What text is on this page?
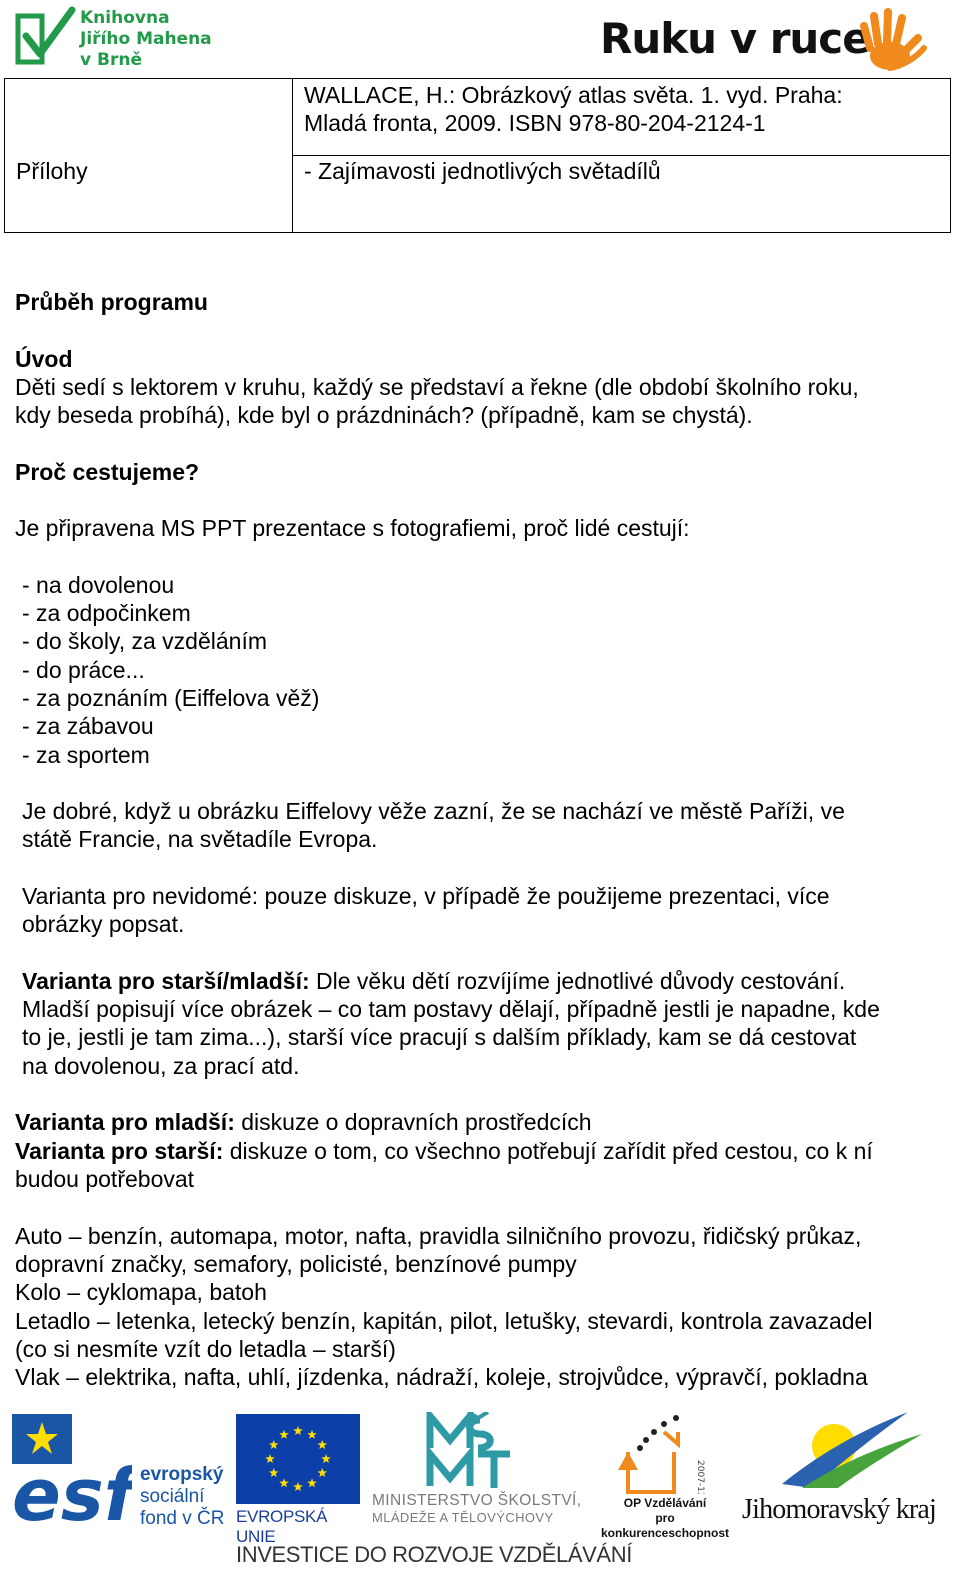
Knihovna
Jiřího Mahena
v Brně	Ruku v ruce
WALLACE, H.: Obrázkový atlas světa. 1. vyd. Praha:
Mladá fronta, 2009. ISBN 978-80-204-2124-1
Přílohy	- Zajímavosti jednotlivých světadílů
Průběh programu
Úvod
Děti sedí s lektorem v kruhu, každý se představí a řekne (dle období školního roku,
kdy beseda probíhá), kde byl o prázdninách? (případně, kam se chystá).
Proč cestujeme?
Je připravena MS PPT prezentace s fotografiemi, proč lidé cestují:
- na dovolenou
- za odpočinkem
- do školy, za vzděláním
- do práce...
- za poznáním (Eiffelova věž)
- za zábavou
- za sportem
Je dobré, když u obrázku Eiffelovy věže zazní, že se nachází ve městě Paříži, ve
státě Francie, na světadíle Evropa.
Varianta pro nevidomé: pouze diskuze, v případě že použijeme prezentaci, více
obrázky popsat.
Varianta pro starší/mladší: Dle věku dětí rozvíjíme jednotlivé důvody cestování.
Mladší popisují více obrázek – co tam postavy dělají, případně jestli je napadne, kde
to je, jestli je tam zima...), starší více pracují s dalším příklady, kam se dá cestovat
na dovolenou, za prací atd.
Varianta pro mladší: diskuze o dopravních prostředcích
Varianta pro starší: diskuze o tom, co všechno potřebují zařídit před cestou, co k ní
budou potřebovat
Auto – benzín, automapa, motor, nafta, pravidla silničního provozu, řidičský průkaz,
dopravní značky, semafory, policisté, benzínové pumpy
Kolo – cyklomapa, batoh
Letadlo – letenka, letecký benzín, kapitán, pilot, letušky, stevardi, kontrola zavazadel
(co si nesmíte vzít do letadla – starší)
Vlak – elektrika, nafta, uhlí, jízdenka, nádraží, koleje, strojvůdce, výpravčí, pokladna
esf evropský
sociální
fond v ČR EVROPSKÁ UNIE
MINISTERSTVO ŠKOLSTVÍ,
MLÁDEŽE A TĚLOVÝCHOVY
2007-13
OP Vzdělávání
pro konkurenceschopnost
Jihomoravský kraj
INVESTICE DO ROZVOJE VZDĚLÁVÁNÍ
